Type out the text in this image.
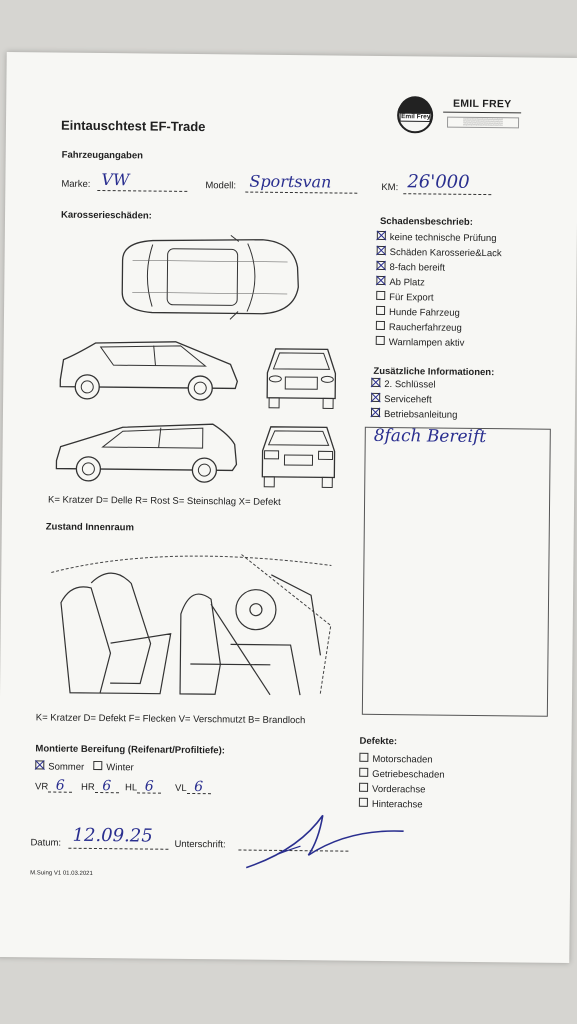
Emil Frey
EMIL FREY
▒▒▒▒▒▒▒▒
Eintauschtest EF-Trade
Fahrzeugangaben
Marke: VW	Modell: Sportsvan	KM: 26'000
Karosserieschäden:
K= Kratzer D= Delle R= Rost S= Steinschlag X= Defekt
Schadensbeschrieb:
keine technische Prüfung
Schäden Karosserie&Lack
8-fach bereift
Ab Platz
Für Export
Hunde Fahrzeug
Raucherfahrzeug
Warnlampen aktiv
Zusätzliche Informationen:
2. Schlüssel
Serviceheft
Betriebsanleitung
8fach Bereift
Zustand Innenraum
K= Kratzer D= Defekt F= Flecken V= Verschmutzt B= Brandloch
Montierte Bereifung (Reifenart/Profiltiefe):
Sommer	Winter
VR 6	HR 6	HL 6	VL 6
Defekte:
Motorschaden
Getriebeschaden
Vorderachse
Hinterachse
Datum: 12.09.25 Unterschrift:
M.Suing V1 01.03.2021
